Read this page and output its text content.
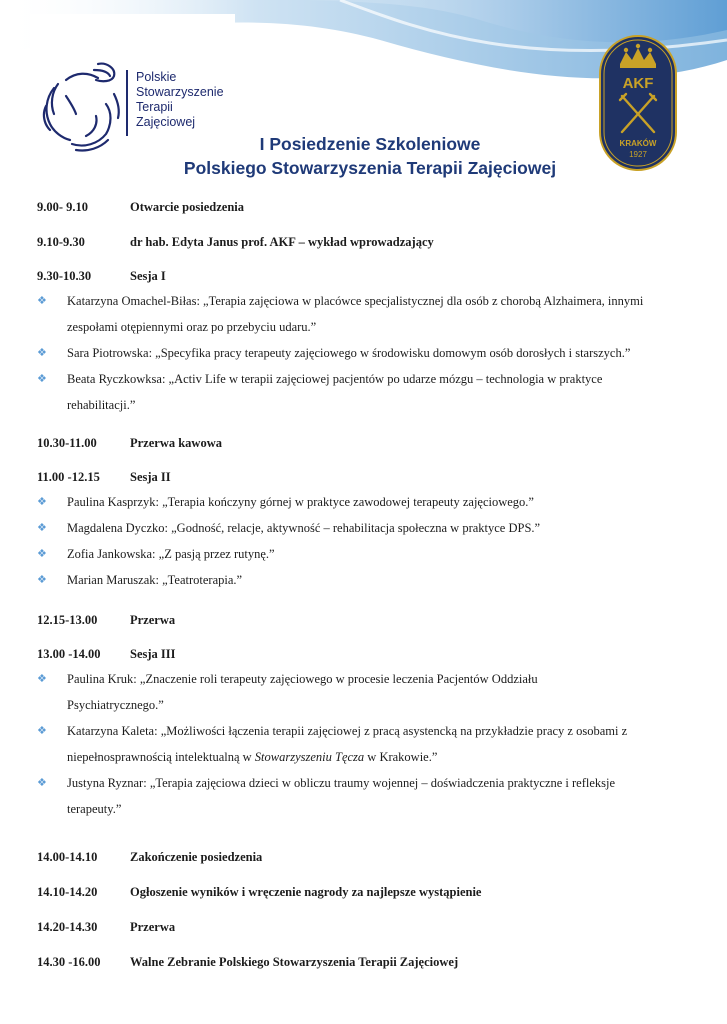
Polskie
Stowarzyszenie
Terapii
Zajęciowej
AKF
KRAKÓW
1927
I Posiedzenie Szkoleniowe
Polskiego Stowarzyszenia Terapii Zajęciowej
9.00- 9.10	Otwarcie posiedzenia
9.10-9.30	dr hab. Edyta Janus prof. AKF – wykład wprowadzający
9.30-10.30	Sesja I
❖ Katarzyna Omachel-Biłas: „Terapia zajęciowa w placówce specjalistycznej dla osób z chorobą Alzhaimera, innymi
zespołami otępiennymi oraz po przebyciu udaru.”
❖ Sara Piotrowska: „Specyfika pracy terapeuty zajęciowego w środowisku domowym osób dorosłych i starszych.”
❖ Beata Ryczkowksa: „Activ Life w terapii zajęciowej pacjentów po udarze mózgu – technologia w praktyce
rehabilitacji.”
10.30-11.00	Przerwa kawowa
11.00 -12.15	Sesja II
❖ Paulina Kasprzyk: „Terapia kończyny górnej w praktyce zawodowej terapeuty zajęciowego.”
❖ Magdalena Dyczko: „Godność, relacje, aktywność – rehabilitacja społeczna w praktyce DPS.”
❖ Zofia Jankowska: „Z pasją przez rutynę.”
❖ Marian Maruszak: „Teatroterapia.”
12.15-13.00	Przerwa
13.00 -14.00	Sesja III
❖ Paulina Kruk: „Znaczenie roli terapeuty zajęciowego w procesie leczenia Pacjentów Oddziału
Psychiatrycznego.”
❖ Katarzyna Kaleta: „Możliwości łączenia terapii zajęciowej z pracą asystencką na przykładzie pracy z osobami z
niepełnosprawnością intelektualną w Stowarzyszeniu Tęcza w Krakowie.”
❖ Justyna Ryznar: „Terapia zajęciowa dzieci w obliczu traumy wojennej – doświadczenia praktyczne i refleksje
terapeuty.”
14.00-14.10	Zakończenie posiedzenia
14.10-14.20	Ogłoszenie wyników i wręczenie nagrody za najlepsze wystąpienie
14.20-14.30	Przerwa
14.30 -16.00	Walne Zebranie Polskiego Stowarzyszenia Terapii Zajęciowej
